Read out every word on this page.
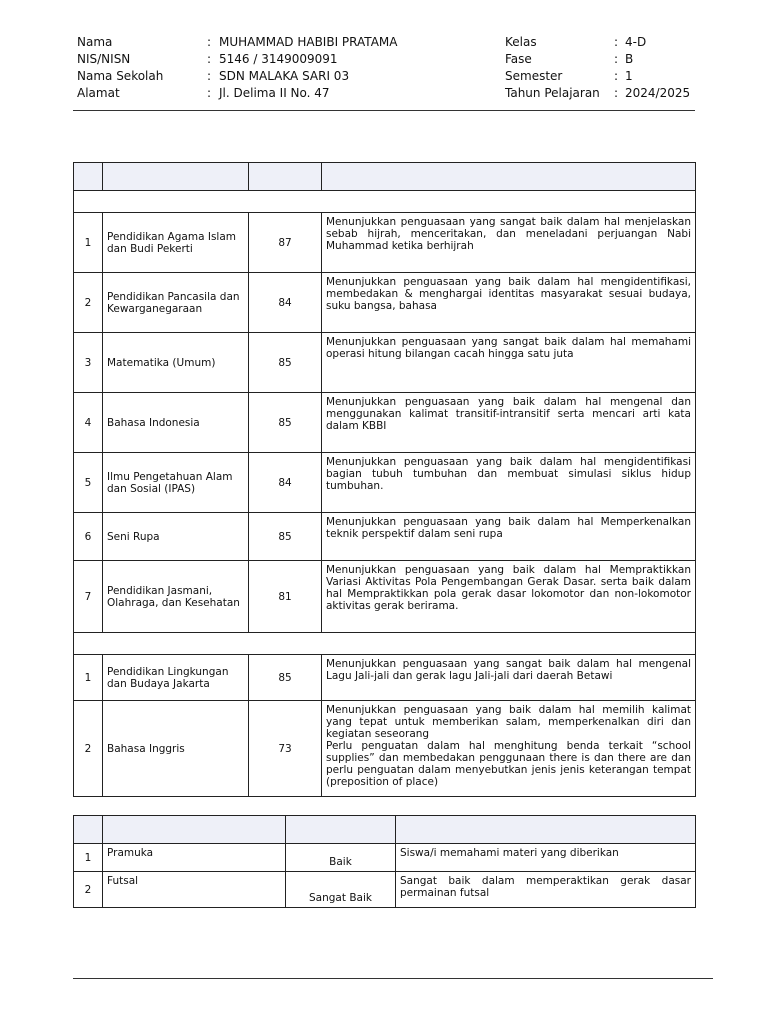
Nama	: MUHAMMAD HABIBI PRATAMA	Kelas	: 4-D
NIS/NISN	: 5146 / 3149009091	Fase	: B
Nama Sekolah	: SDN MALAKA SARI 03	Semester	: 1
Alamat	: Jl. Delima II No. 47	Tahun Pelajaran : 2024/2025

1	Pendidikan Agama Islam dan Budi Pekerti	87	Menunjukkan penguasaan yang sangat baik dalam hal menjelaskan sebab hijrah, menceritakan, dan meneladani perjuangan Nabi Muhammad ketika berhijrah
2	Pendidikan Pancasila dan Kewarganegaraan	84	Menunjukkan penguasaan yang baik dalam hal mengidentifikasi, membedakan & menghargai identitas masyarakat sesuai budaya, suku bangsa, bahasa
3	Matematika (Umum)	85	Menunjukkan penguasaan yang sangat baik dalam hal memahami operasi hitung bilangan cacah hingga satu juta
4	Bahasa Indonesia	85	Menunjukkan penguasaan yang baik dalam hal mengenal dan menggunakan kalimat transitif-intransitif serta mencari arti kata dalam KBBI
5	Ilmu Pengetahuan Alam dan Sosial (IPAS)	84	Menunjukkan penguasaan yang baik dalam hal mengidentifikasi bagian tubuh tumbuhan dan membuat simulasi siklus hidup tumbuhan.
6	Seni Rupa	85	Menunjukkan penguasaan yang baik dalam hal Memperkenalkan teknik perspektif dalam seni rupa
7	Pendidikan Jasmani, Olahraga, dan Kesehatan	81	Menunjukkan penguasaan yang baik dalam hal Mempraktikkan Variasi Aktivitas Pola Pengembangan Gerak Dasar. serta baik dalam hal Mempraktikkan pola gerak dasar lokomotor dan non-lokomotor aktivitas gerak berirama.

1	Pendidikan Lingkungan dan Budaya Jakarta	85	Menunjukkan penguasaan yang sangat baik dalam hal mengenal Lagu Jali-jali dan gerak lagu Jali-jali dari daerah Betawi
2	Bahasa Inggris	73	Menunjukkan penguasaan yang baik dalam hal memilih kalimat yang tepat untuk memberikan salam, memperkenalkan diri dan kegiatan seseorang
Perlu penguatan dalam hal menghitung benda terkait “school supplies” dan membedakan penggunaan there is dan there are dan perlu penguatan dalam menyebutkan jenis jenis keterangan tempat (preposition of place)

1	Pramuka	Baik	Siswa/i memahami materi yang diberikan
2	Futsal	Sangat Baik	Sangat baik dalam memperaktikan gerak dasar permainan futsal
